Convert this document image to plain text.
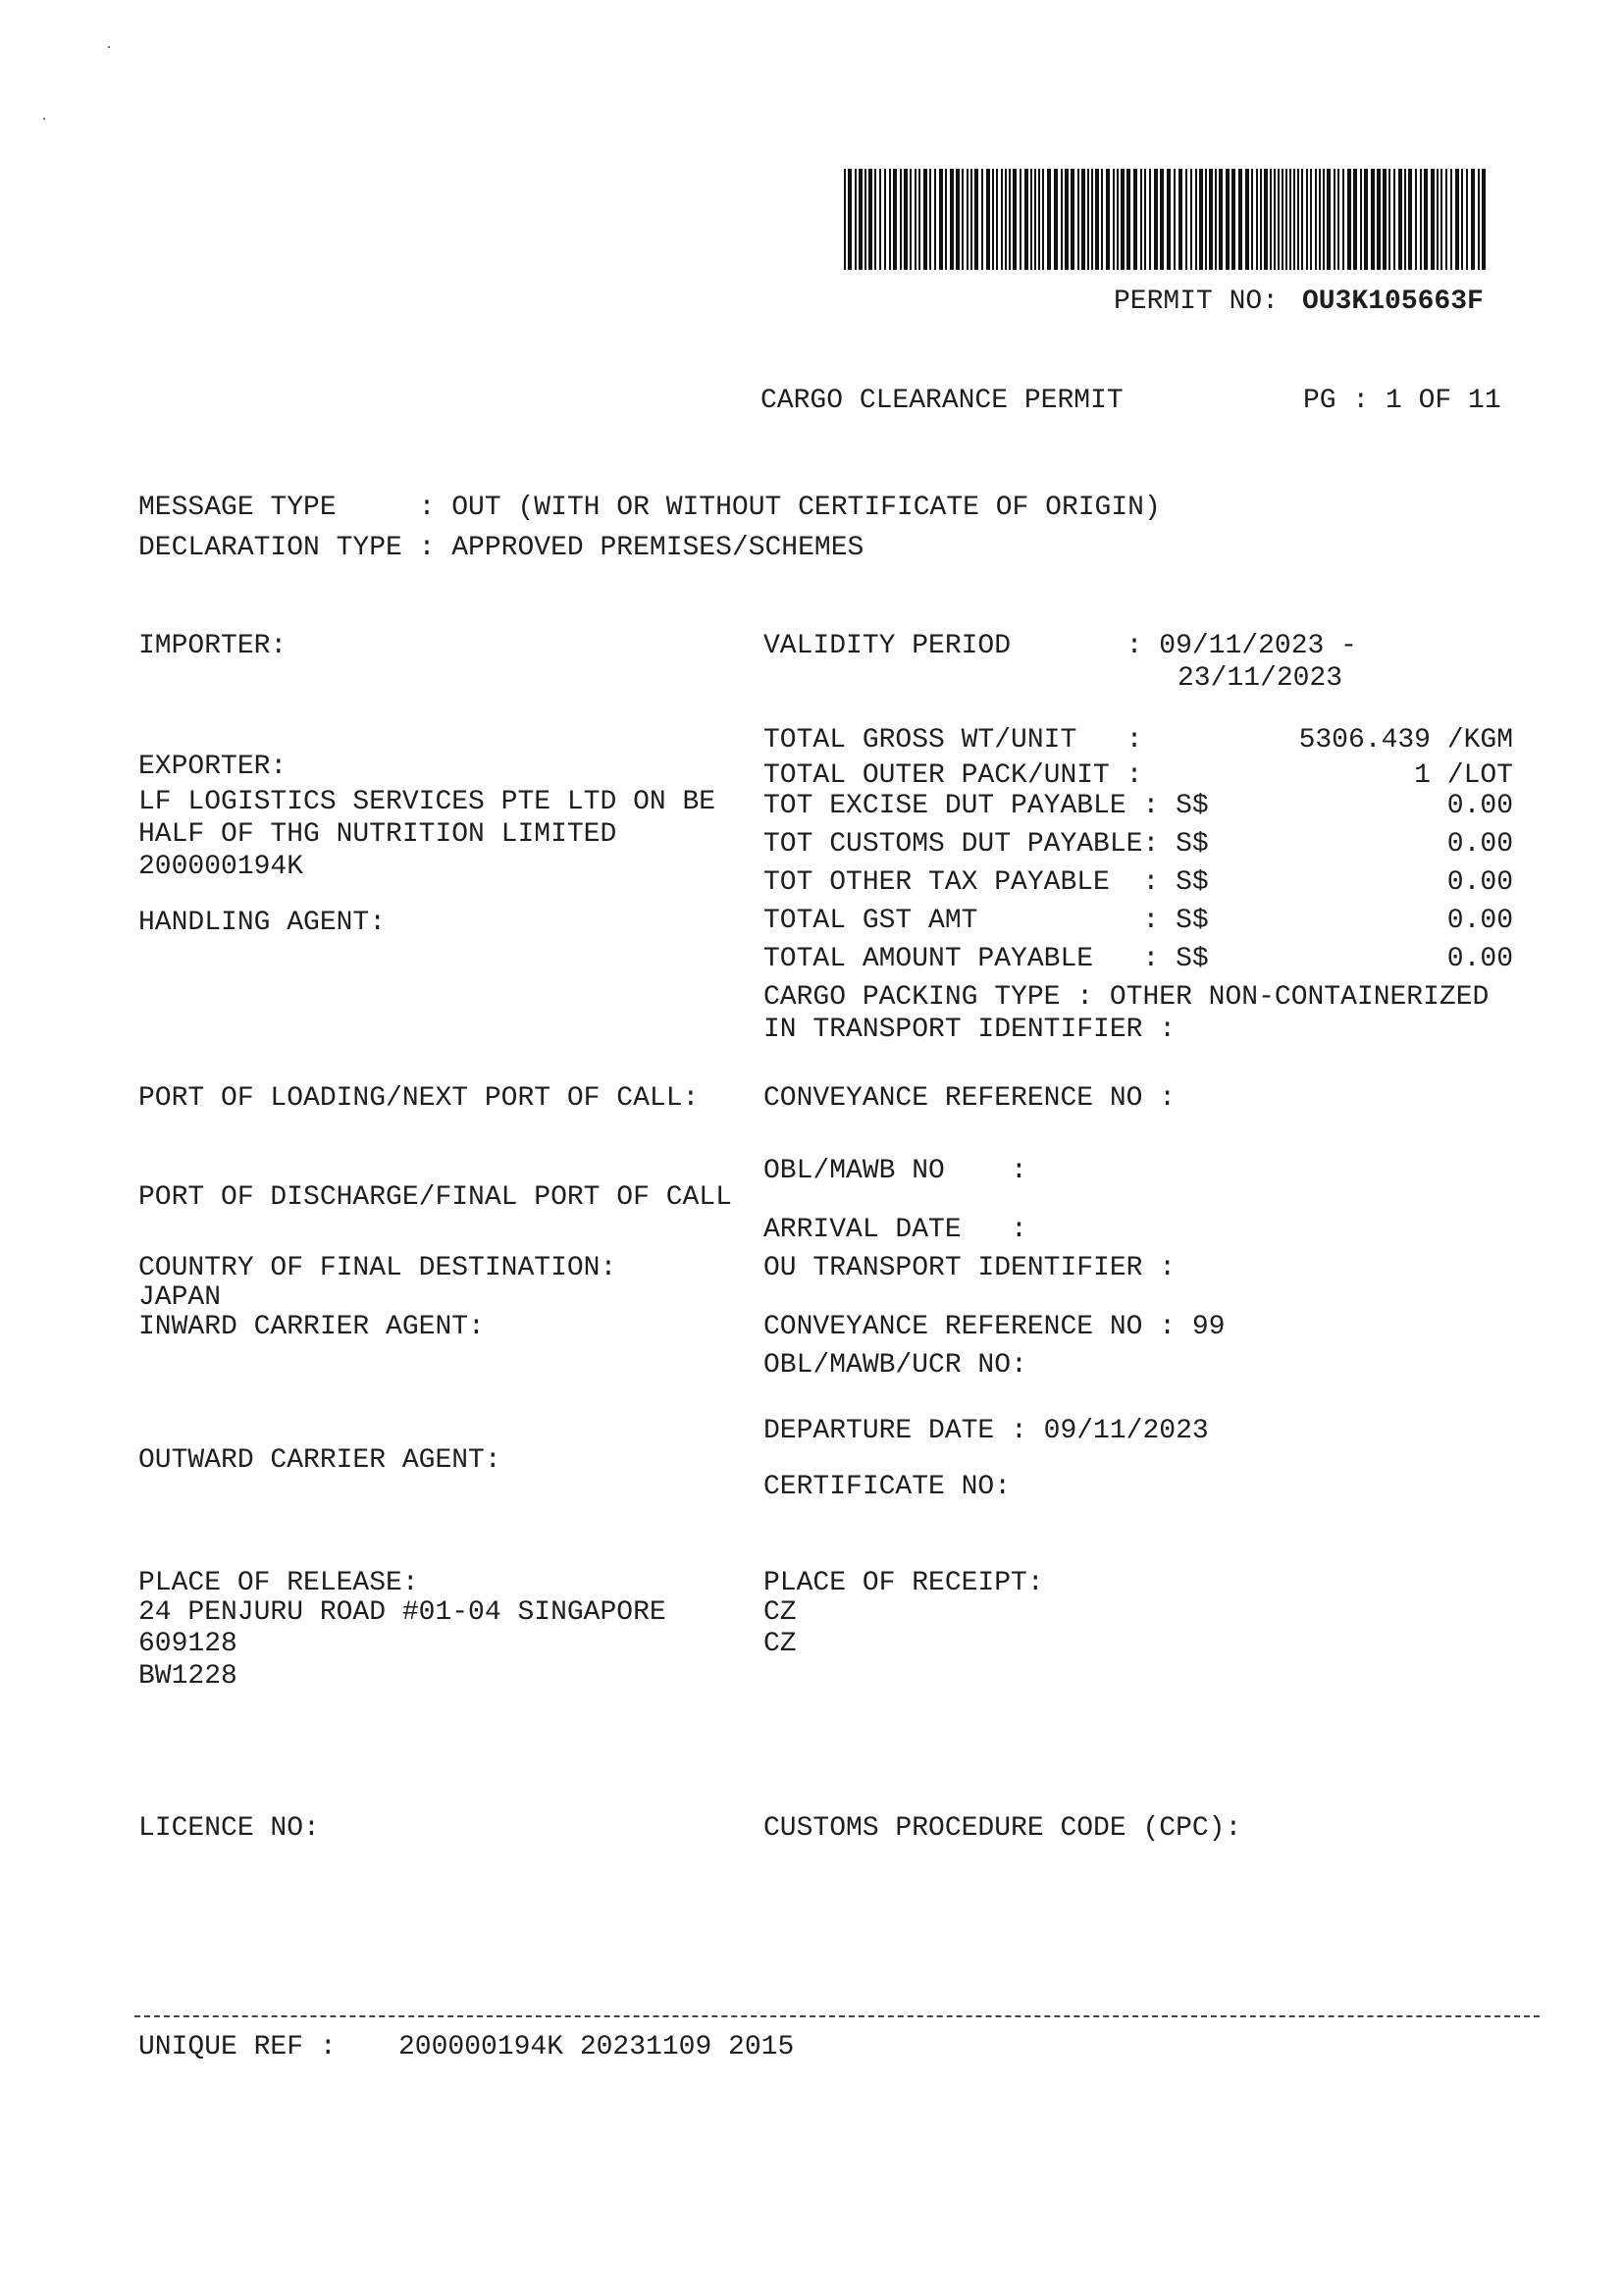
PERMIT NO: OU3K105663F
CARGO CLEARANCE PERMIT	PG : 1 OF 11
MESSAGE TYPE     : OUT (WITH OR WITHOUT CERTIFICATE OF ORIGIN)
DECLARATION TYPE : APPROVED PREMISES/SCHEMES
IMPORTER:
EXPORTER:
LF LOGISTICS SERVICES PTE LTD ON BE
HALF OF THG NUTRITION LIMITED
200000194K
HANDLING AGENT:
PORT OF LOADING/NEXT PORT OF CALL:
PORT OF DISCHARGE/FINAL PORT OF CALL
COUNTRY OF FINAL DESTINATION:
JAPAN
INWARD CARRIER AGENT:
OUTWARD CARRIER AGENT:
PLACE OF RELEASE:
24 PENJURU ROAD #01-04 SINGAPORE
609128
BW1228
LICENCE NO:
VALIDITY PERIOD       : 09/11/2023 -
23/11/2023
TOTAL GROSS WT/UNIT   :	5306.439 /KGM
TOTAL OUTER PACK/UNIT :	1 /LOT
TOT EXCISE DUT PAYABLE : S$	0.00
TOT CUSTOMS DUT PAYABLE: S$	0.00
TOT OTHER TAX PAYABLE  : S$	0.00
TOTAL GST AMT          : S$	0.00
TOTAL AMOUNT PAYABLE   : S$	0.00
CARGO PACKING TYPE : OTHER NON-CONTAINERIZED
IN TRANSPORT IDENTIFIER :
CONVEYANCE REFERENCE NO :
OBL/MAWB NO    :
ARRIVAL DATE   :
OU TRANSPORT IDENTIFIER :
CONVEYANCE REFERENCE NO : 99
OBL/MAWB/UCR NO:
DEPARTURE DATE : 09/11/2023
CERTIFICATE NO:
PLACE OF RECEIPT:
CZ
CZ
CUSTOMS PROCEDURE CODE (CPC):
UNIQUE REF : 200000194K 20231109 2015
